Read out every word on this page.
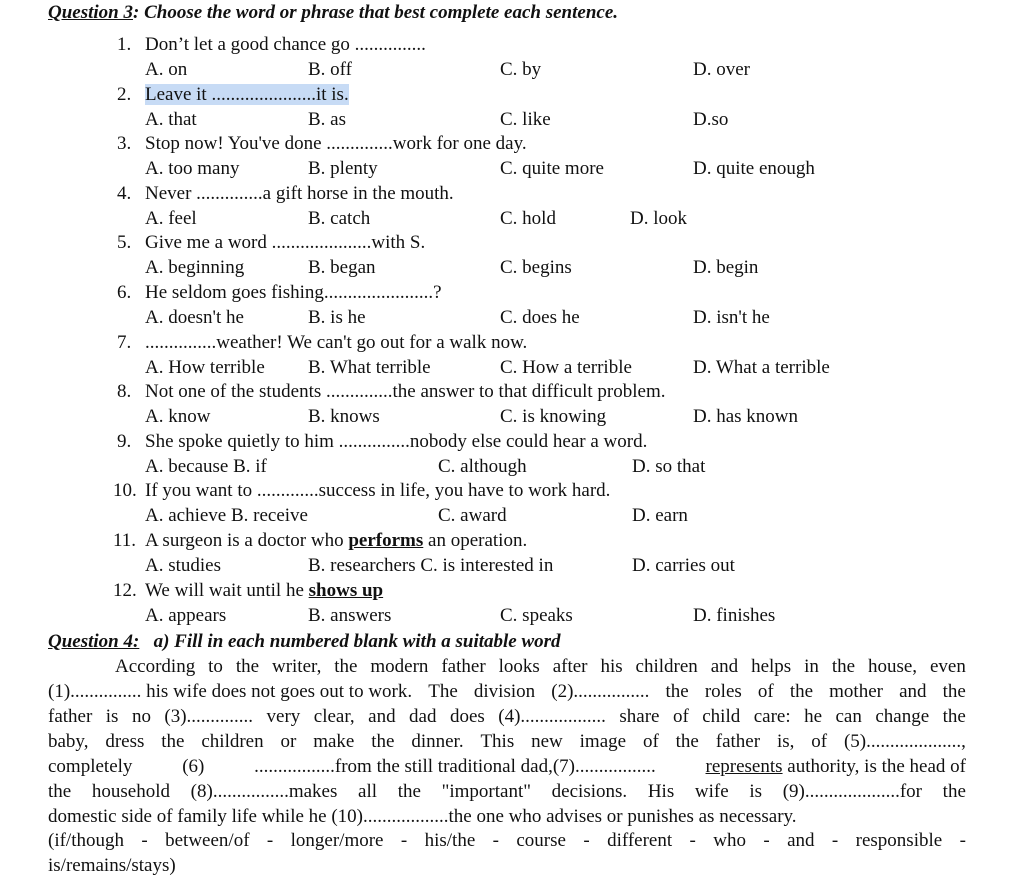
Question 3: Choose the word or phrase that best complete each sentence.
1. Don’t let a good chance go ...............
A. on	B. off	C. by	D. over
2. Leave it ......................it is.
A. that	B. as	C. like	D.so
3. Stop now! You've done ..............work for one day.
A. too many	B. plenty	C. quite more	D. quite enough
4. Never ..............a gift horse in the mouth.
A. feel	B. catch	C. hold	D. look
5. Give me a word .....................with S.
A. beginning	B. began	C. begins	D. begin
6. He seldom goes fishing.......................?
A. doesn't he	B. is he	C. does he	D. isn't he
7. ...............weather! We can't go out for a walk now.
A. How terrible B. What terrible	C. How a terrible	D. What a terrible
8. Not one of the students ..............the answer to that difficult problem.
A. know	B. knows	C. is knowing	D. has known
9. She spoke quietly to him ...............nobody else could hear a word.
A. because B. if	C. although	D. so that
10. If you want to .............success in life, you have to work hard.
A. achieve B. receive	C. award	D. earn
11. A surgeon is a doctor who performs an operation.
A. studies	B. researchers C. is interested in	D. carries out
12. We will wait until he shows up
A. appears	B. answers	C. speaks	D. finishes
Question 4: a) Fill in each numbered blank with a suitable word
According to the writer, the modern father looks after his children and helps in the house, even
(1)............... his wife does not goes out to work. The division (2)................ the roles of the mother and the
father is no (3).............. very clear, and dad does (4).................. share of child care: he can change the
baby, dress the children or make the dinner. This new image of the father is, of (5)....................,
completely	(6)	.................from the still traditional dad,(7).................	represents authority, is the head of
the household (8)................makes all the "important" decisions. His wife is (9)....................for the
domestic side of family life while he (10)..................the one who advises or punishes as necessary.
(if/though - between/of - longer/more - his/the - course - different - who - and - responsible -
is/remains/stays)
